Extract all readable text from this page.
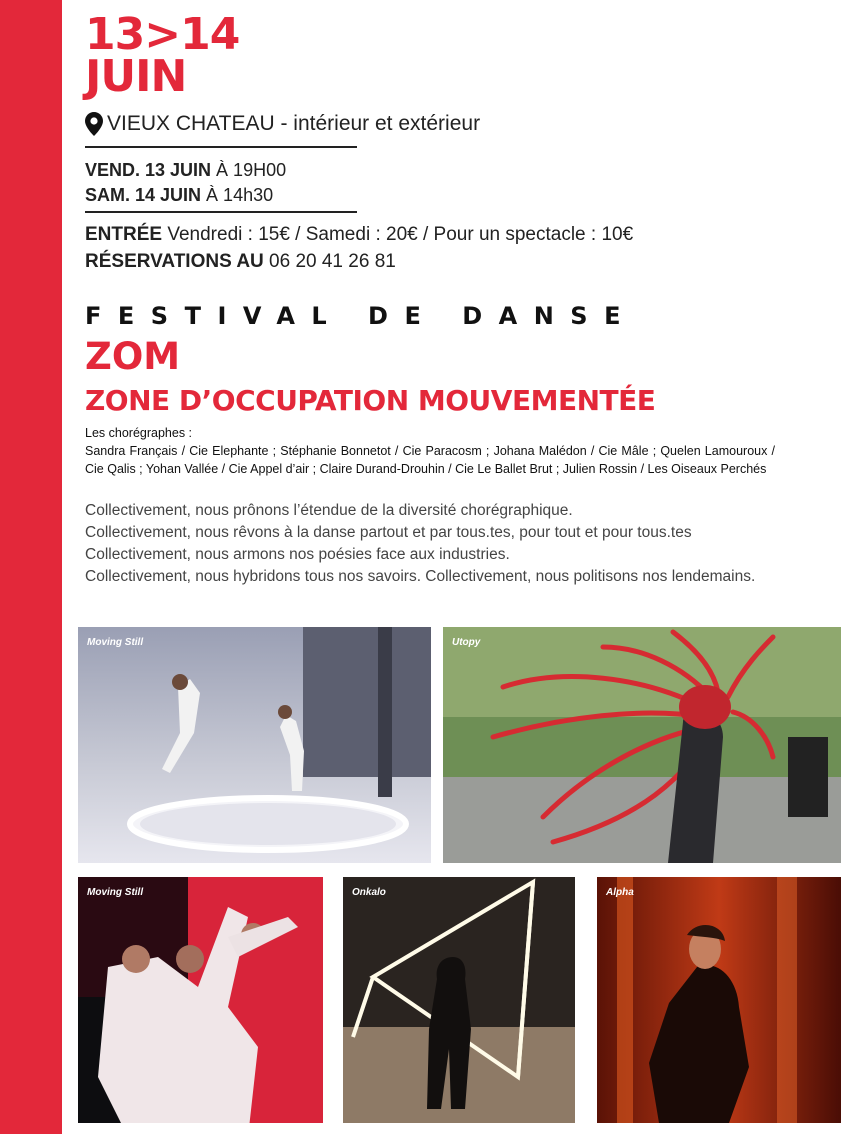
13>14
JUIN
VIEUX CHATEAU - intérieur et extérieur
VEND. 13 JUIN À 19H00
SAM. 14 JUIN À 14h30
ENTRÉE Vendredi : 15€ / Samedi : 20€ / Pour un spectacle : 10€
RÉSERVATIONS AU 06 20 41 26 81
FESTIVAL DE DANSE
ZOM
ZONE D’OCCUPATION MOUVEMENTÉE
Les chorégraphes :
Sandra Français / Cie Elephante ; Stéphanie Bonnetot / Cie Paracosm ; Johana Malédon / Cie Mâle ; Quelen Lamouroux / Cie Qalis ; Yohan Vallée / Cie Appel d’air ; Claire Durand-Drouhin / Cie Le Ballet Brut ; Julien Rossin / Les Oiseaux Perchés
Collectivement, nous prônons l’étendue de la diversité chorégraphique.
Collectivement, nous rêvons à la danse partout et par tous.tes, pour tout et pour tous.tes
Collectivement, nous armons nos poésies face aux industries.
Collectivement, nous hybridons tous nos savoirs. Collectivement, nous politisons nos lendemains.
Moving Still	Utopy
Moving Still	Onkalo	Alpha
